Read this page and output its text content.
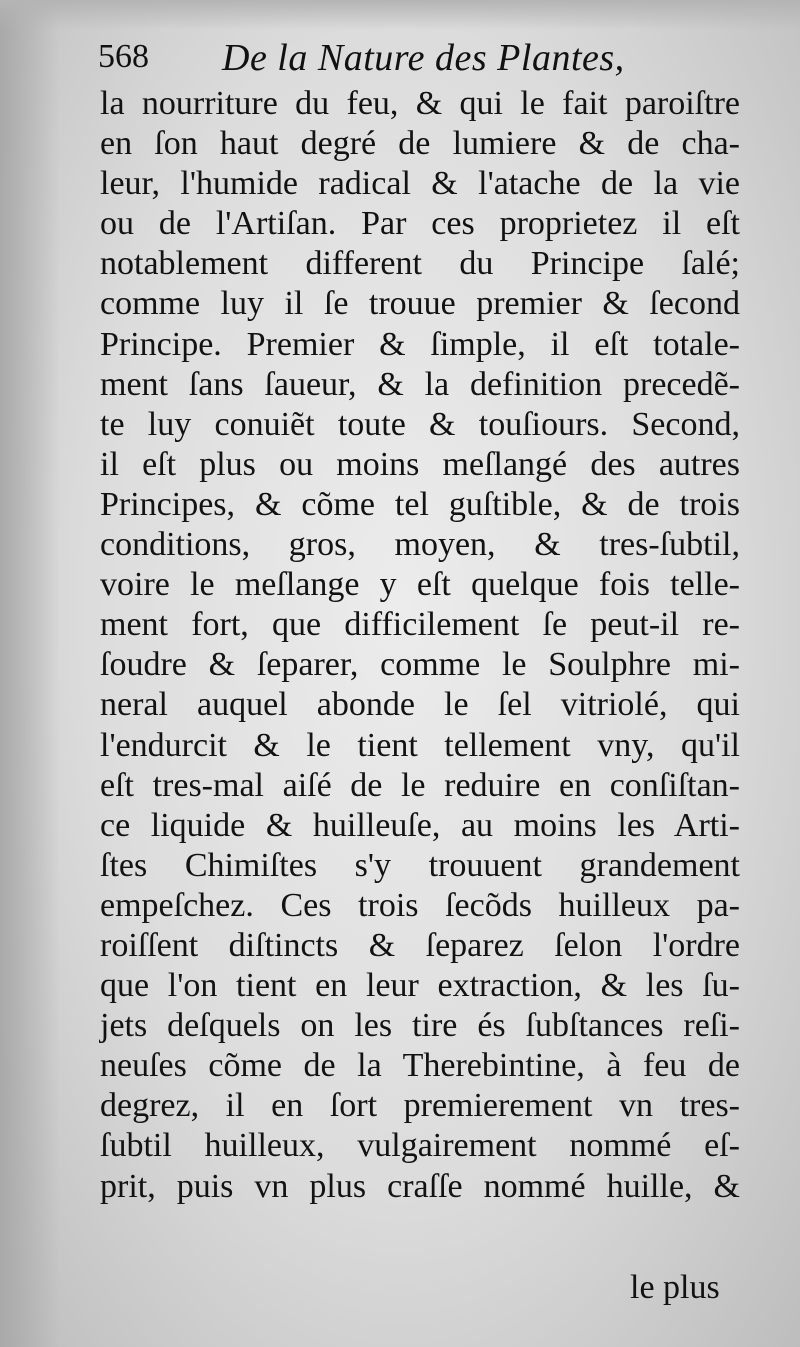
568 De la Nature des Plantes,
la nourriture du feu, & qui le fait paroiſtre
en ſon haut degré de lumiere & de cha-
leur, l'humide radical & l'atache de la vie
ou de l'Artiſan. Par ces proprietez il eſt
notablement different du Principe ſalé;
comme luy il ſe trouue premier & ſecond
Principe. Premier & ſimple, il eſt totale-
ment ſans ſaueur, & la definition precedẽ-
te luy conuiẽt toute & touſiours. Second,
il eſt plus ou moins meſlangé des autres
Principes, & cõme tel guſtible, & de trois
conditions, gros, moyen, & tres-ſubtil,
voire le meſlange y eſt quelque fois telle-
ment fort, que difficilement ſe peut-il re-
ſoudre & ſeparer, comme le Soulphre mi-
neral auquel abonde le ſel vitriolé, qui
l'endurcit & le tient tellement vny, qu'il
eſt tres-mal aiſé de le reduire en conſiſtan-
ce liquide & huilleuſe, au moins les Arti-
ſtes Chimiſtes s'y trouuent grandement
empeſchez. Ces trois ſecõds huilleux pa-
roiſſent diſtincts & ſeparez ſelon l'ordre
que l'on tient en leur extraction, & les ſu-
jets deſquels on les tire és ſubſtances reſi-
neuſes cõme de la Therebintine, à feu de
degrez, il en ſort premierement vn tres-
ſubtil huilleux, vulgairement nommé eſ-
prit, puis vn plus craſſe nommé huille, &
le plus
